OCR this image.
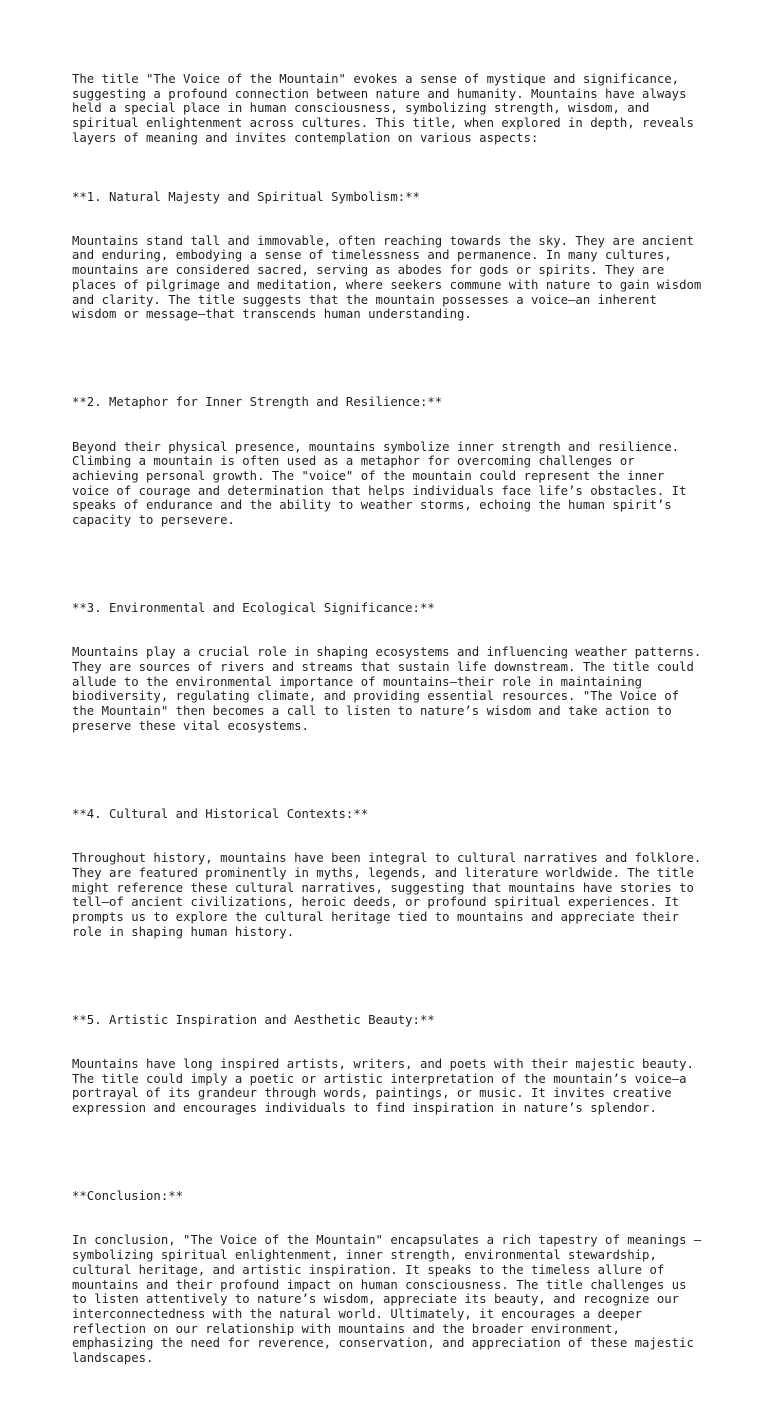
The title "The Voice of the Mountain" evokes a sense of mystique and significance, suggesting a profound connection between nature and humanity. Mountains have always held a special place in human consciousness, symbolizing strength, wisdom, and spiritual enlightenment across cultures. This title, when explored in depth, reveals layers of meaning and invites contemplation on various aspects:

**1. Natural Majesty and Spiritual Symbolism:**

Mountains stand tall and immovable, often reaching towards the sky. They are ancient and enduring, embodying a sense of timelessness and permanence. In many cultures, mountains are considered sacred, serving as abodes for gods or spirits. They are places of pilgrimage and meditation, where seekers commune with nature to gain wisdom and clarity. The title suggests that the mountain possesses a voice—an inherent wisdom or message—that transcends human understanding.

**2. Metaphor for Inner Strength and Resilience:**

Beyond their physical presence, mountains symbolize inner strength and resilience. Climbing a mountain is often used as a metaphor for overcoming challenges or achieving personal growth. The "voice" of the mountain could represent the inner voice of courage and determination that helps individuals face life’s obstacles. It speaks of endurance and the ability to weather storms, echoing the human spirit’s capacity to persevere.

**3. Environmental and Ecological Significance:**

Mountains play a crucial role in shaping ecosystems and influencing weather patterns. They are sources of rivers and streams that sustain life downstream. The title could allude to the environmental importance of mountains—their role in maintaining biodiversity, regulating climate, and providing essential resources. "The Voice of the Mountain" then becomes a call to listen to nature’s wisdom and take action to preserve these vital ecosystems.

**4. Cultural and Historical Contexts:**

Throughout history, mountains have been integral to cultural narratives and folklore. They are featured prominently in myths, legends, and literature worldwide. The title might reference these cultural narratives, suggesting that mountains have stories to tell—of ancient civilizations, heroic deeds, or profound spiritual experiences. It prompts us to explore the cultural heritage tied to mountains and appreciate their role in shaping human history.

**5. Artistic Inspiration and Aesthetic Beauty:**

Mountains have long inspired artists, writers, and poets with their majestic beauty. The title could imply a poetic or artistic interpretation of the mountain’s voice—a portrayal of its grandeur through words, paintings, or music. It invites creative expression and encourages individuals to find inspiration in nature’s splendor.

**Conclusion:**

In conclusion, "The Voice of the Mountain" encapsulates a rich tapestry of meanings —symbolizing spiritual enlightenment, inner strength, environmental stewardship, cultural heritage, and artistic inspiration. It speaks to the timeless allure of mountains and their profound impact on human consciousness. The title challenges us to listen attentively to nature’s wisdom, appreciate its beauty, and recognize our interconnectedness with the natural world. Ultimately, it encourages a deeper reflection on our relationship with mountains and the broader environment, emphasizing the need for reverence, conservation, and appreciation of these majestic landscapes.
